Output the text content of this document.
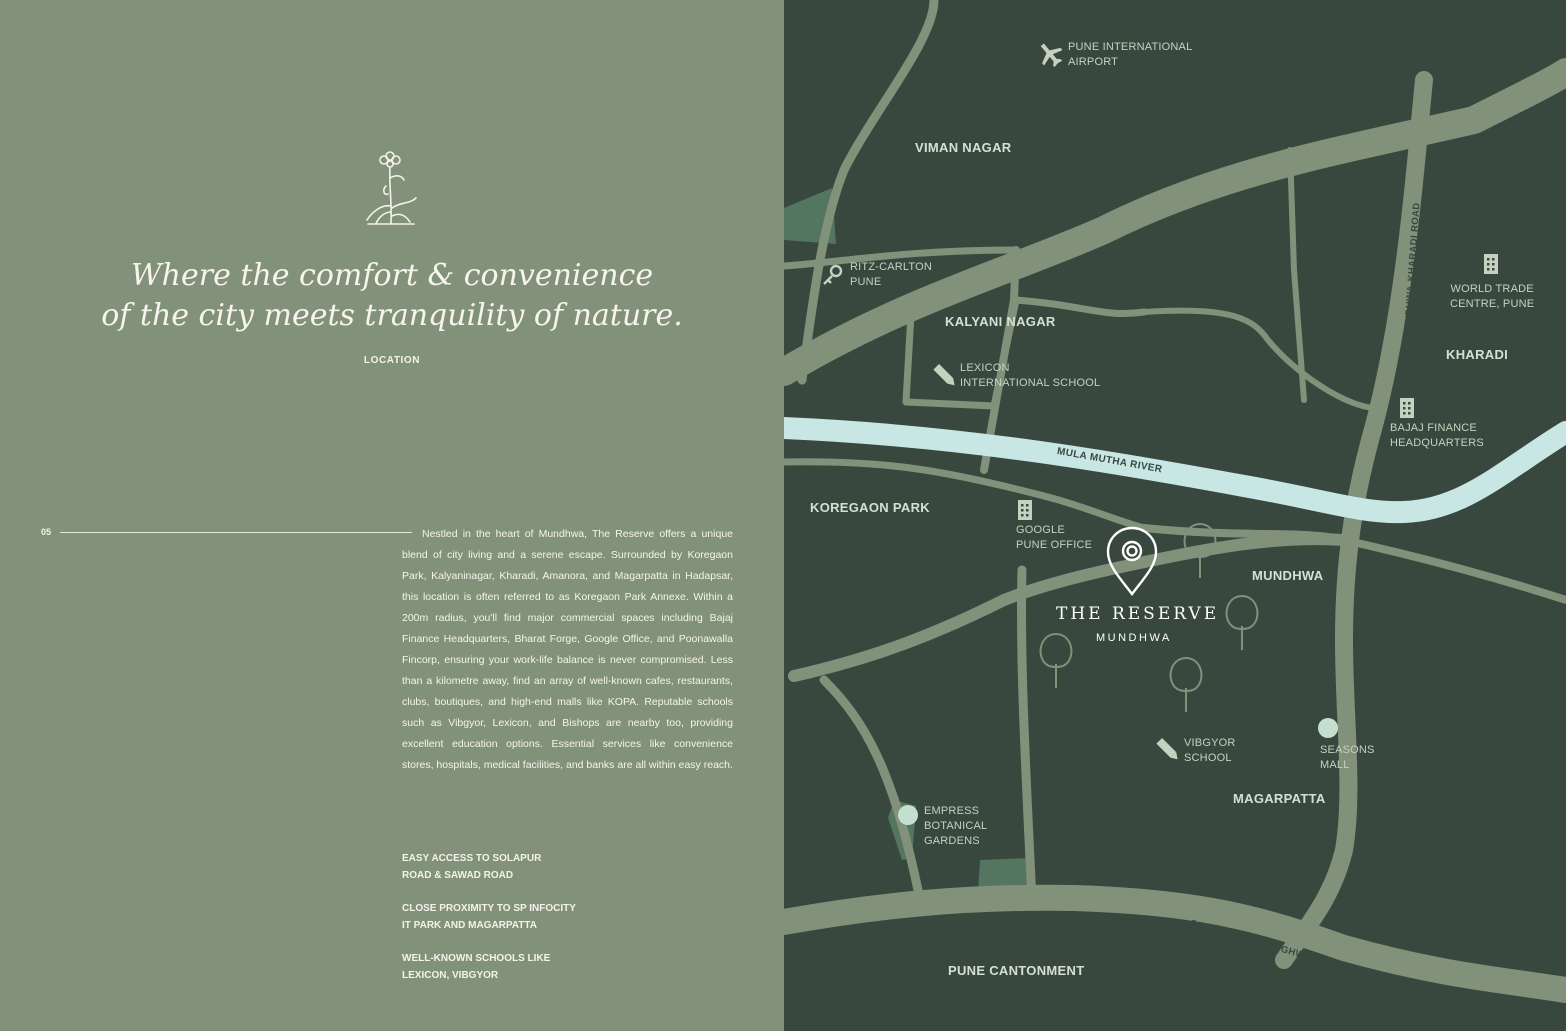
Where the comfort & convenience
of the city meets tranquility of nature.
LOCATION
05	Nestled in the heart of Mundhwa, The Reserve offers a unique blend of city living and a serene escape. Surrounded by Koregaon Park, Kalyaninagar, Kharadi, Amanora, and Magarpatta in Hadapsar, this location is often referred to as Koregaon Park Annexe. Within a 200m radius, you'll find major commercial spaces including Bajaj Finance Headquarters, Bharat Forge, Google Office, and Poonawalla Fincorp, ensuring your work-life balance is never compromised. Less than a kilometre away, find an array of well-known cafes, restaurants, clubs, boutiques, and high-end malls like KOPA. Reputable schools such as Vibgyor, Lexicon, and Bishops are nearby too, providing excellent education options. Essential services like convenience stores, hospitals, medical facilities, and banks are all within easy reach.
EASY ACCESS TO SOLAPUR
ROAD & SAWAD ROAD
CLOSE PROXIMITY TO SP INFOCITY
IT PARK AND MAGARPATTA
WELL-KNOWN SCHOOLS LIKE
LEXICON, VIBGYOR
VIMAN NAGAR
KALYANI NAGAR
KHARADI
KOREGAON PARK
MUNDHWA
MAGARPATTA
PUNE CANTONMENT
NAGAR ROAD
MUNDHWA-KHARADI ROAD
SOLAPUR-PUNE HIGHWAY
MULA MUTHA RIVER
PUNE INTERNATIONAL
AIRPORT
RITZ-CARLTON
PUNE
LEXICON
INTERNATIONAL SCHOOL
WORLD TRADE
CENTRE, PUNE
BAJAJ FINANCE
HEADQUARTERS
GOOGLE
PUNE OFFICE
VIBGYOR
SCHOOL
SEASONS
MALL
EMPRESS
BOTANICAL
GARDENS
THE RESERVE
MUNDHWA
